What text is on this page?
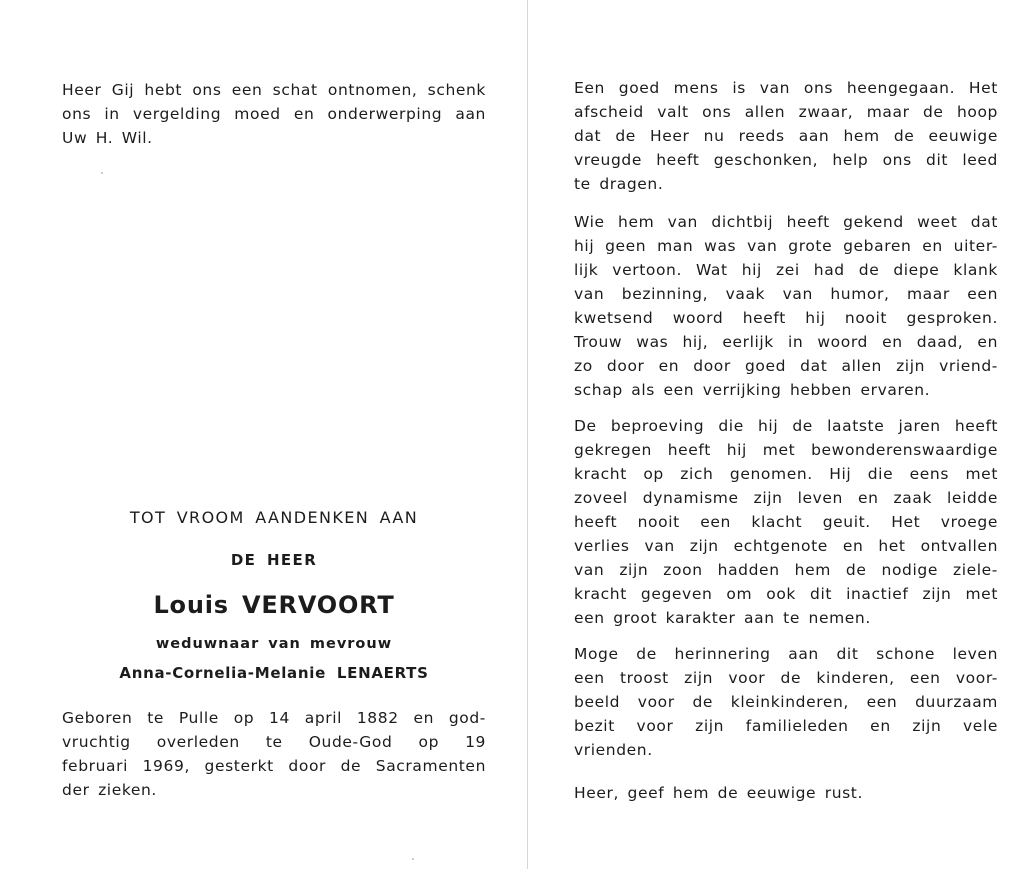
Heer Gij hebt ons een schat ontnomen, schenk
ons in vergelding moed en onderwerping aan
Uw H. Wil.

TOT VROOM AANDENKEN AAN

DE HEER

Louis VERVOORT

weduwnaar van mevrouw

Anna-Cornelia-Melanie LENAERTS

Geboren te Pulle op 14 april 1882 en god-
vruchtig overleden te Oude-God op 19
februari 1969, gesterkt door de Sacramenten
der zieken.

Een goed mens is van ons heengegaan. Het
afscheid valt ons allen zwaar, maar de hoop
dat de Heer nu reeds aan hem de eeuwige
vreugde heeft geschonken, help ons dit leed
te dragen.

Wie hem van dichtbij heeft gekend weet dat
hij geen man was van grote gebaren en uiter-
lijk vertoon. Wat hij zei had de diepe klank
van bezinning, vaak van humor, maar een
kwetsend woord heeft hij nooit gesproken.
Trouw was hij, eerlijk in woord en daad, en
zo door en door goed dat allen zijn vriend-
schap als een verrijking hebben ervaren.

De beproeving die hij de laatste jaren heeft
gekregen heeft hij met bewonderenswaardige
kracht op zich genomen. Hij die eens met
zoveel dynamisme zijn leven en zaak leidde
heeft nooit een klacht geuit. Het vroege
verlies van zijn echtgenote en het ontvallen
van zijn zoon hadden hem de nodige ziele-
kracht gegeven om ook dit inactief zijn met
een groot karakter aan te nemen.

Moge de herinnering aan dit schone leven
een troost zijn voor de kinderen, een voor-
beeld voor de kleinkinderen, een duurzaam
bezit voor zijn familieleden en zijn vele
vrienden.

Heer, geef hem de eeuwige rust.
